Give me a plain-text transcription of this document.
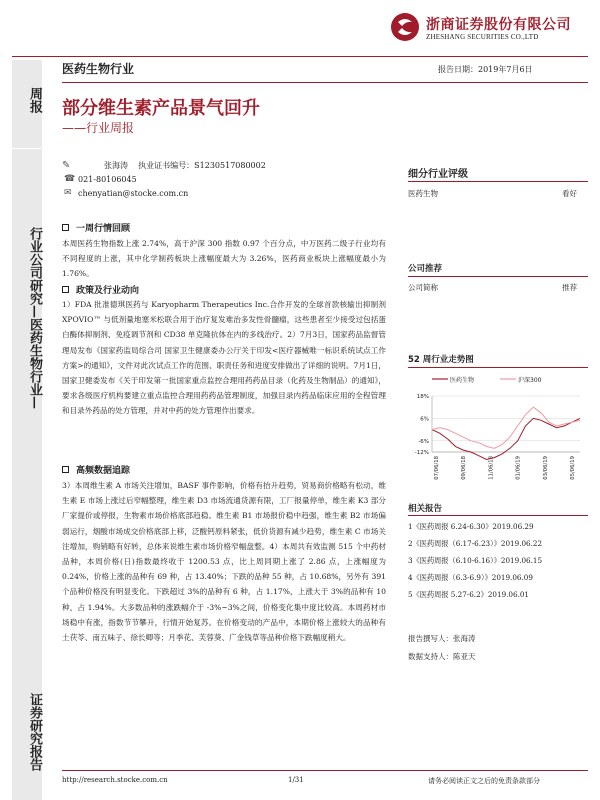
浙商证券股份有限公司
ZHESHANG SECURITIES CO.,LTD
周报
行业公司研究—医药生物行业—
证券研究报告
医药生物行业	报告日期：2019年7月6日
部分维生素产品景气回升
——行业周报
✎	张海涛    执业证书编号：S1230517080002
☎ 021-80106045
✉ chenyatian@stocke.com.cn
一周行情回顾

本周医药生物指数上涨 2.74%，高于沪深 300 指数 0.97 个百分点，中万医药二级子行业均有不同程度的上涨，其中化学制药板块上涨幅度最大为 3.26%，医药商业板块上涨幅度最小为 1.76%。

政策及行业动向

1）FDA 批准德琪医药与 Karyopharm Therapeutics Inc.合作开发的全球首款核输出抑制剂 XPOVIO™ 与低剂量地塞米松联合用于治疗复发难治多发性骨髓瘤，这些患者至少接受过包括蛋白酶体抑制剂、免疫调节剂和 CD38 单克隆抗体在内的多线治疗。2）7月3日，国家药品监督管理局发布《国家药监局综合司 国家卫生健康委办公厅关于印发<医疗器械唯一标识系统试点工作方案>的通知》，文件对此次试点工作的范围、职责任务和进度安排做出了详细的说明。7月1日，国家卫健委发布《关于印发第一批国家重点监控合理用药药品目录（化药及生物制品）的通知》，要求各级医疗机构要建立重点监控合理用药药品管理制度，加强目录内药品临床应用的全程管理和目录外药品的处方管理，并对中药的处方管理作出要求。

高频数据追踪

3）本周维生素 A 市场关注增加，BASF 事件影响，价格有抬升趋势，贸易商价格略有松动，维生素 E 市场上涨过后窄幅整理，维生素 D3 市场流通货源有限，工厂报量停单，维生素 K3 部分厂家提价或停报，生物素市场价格底部趋稳。维生素 B1 市场报价稳中趋强，维生素 B2 市场偏弱运行，烟酸市场成交价格底部上移，泛酸钙原料紧张，低价货源有减少趋势，维生素 C 市场关注增加，购销略有好转，总体来说维生素市场价格窄幅盘整。4）本周共有效监测 515 个中药材品种，本周价格(日)指数最终收于 1200.53 点，比上周同期上涨了 2.86 点，上涨幅度为 0.24%，价格上涨的品种有 69 种，占 13.40%；下跌的品种 55 种，占 10.68%，另外有 391 个品种价格没有明显变化。下跌超过 3%的品种有 6 种，占 1.17%，上涨大于 3%的品种有 10 种，占 1.94%。大多数品种的涨跌幅介于 -3%~3%之间，价格变化集中度比较高。本周药材市场稳中有涨，指数节节攀升，行情开始复苏。在价格变动的产品中，本期价格上涨较大的品种有土茯苓、南五味子、徐长卿等；月季花、芙蓉葵、广金钱草等品种价格下跌幅度稍大。

细分行业评级
医药生物	看好
公司推荐
公司简称	推荐
52 周行业走势图
医药生物	沪深300
18%
6%
-6%
-12%
07/06/18	09/06/18	11/06/18	01/06/19	03/06/19	05/06/19
相关报告
1《医药周报 6.24-6.30》2019.06.29
2《医药周报（6.17-6.23）》2019.06.22
3《医药周报（6.10-6.16）》2019.06.15
4《医药周报（6.3-6.9）》2019.06.09
5《医药周报 5.27-6.2》2019.06.01
报告撰写人：张海涛
数据支持人：陈亚天
http://research.stocke.com.cn	1/31	请务必阅读正文之后的免责条款部分
